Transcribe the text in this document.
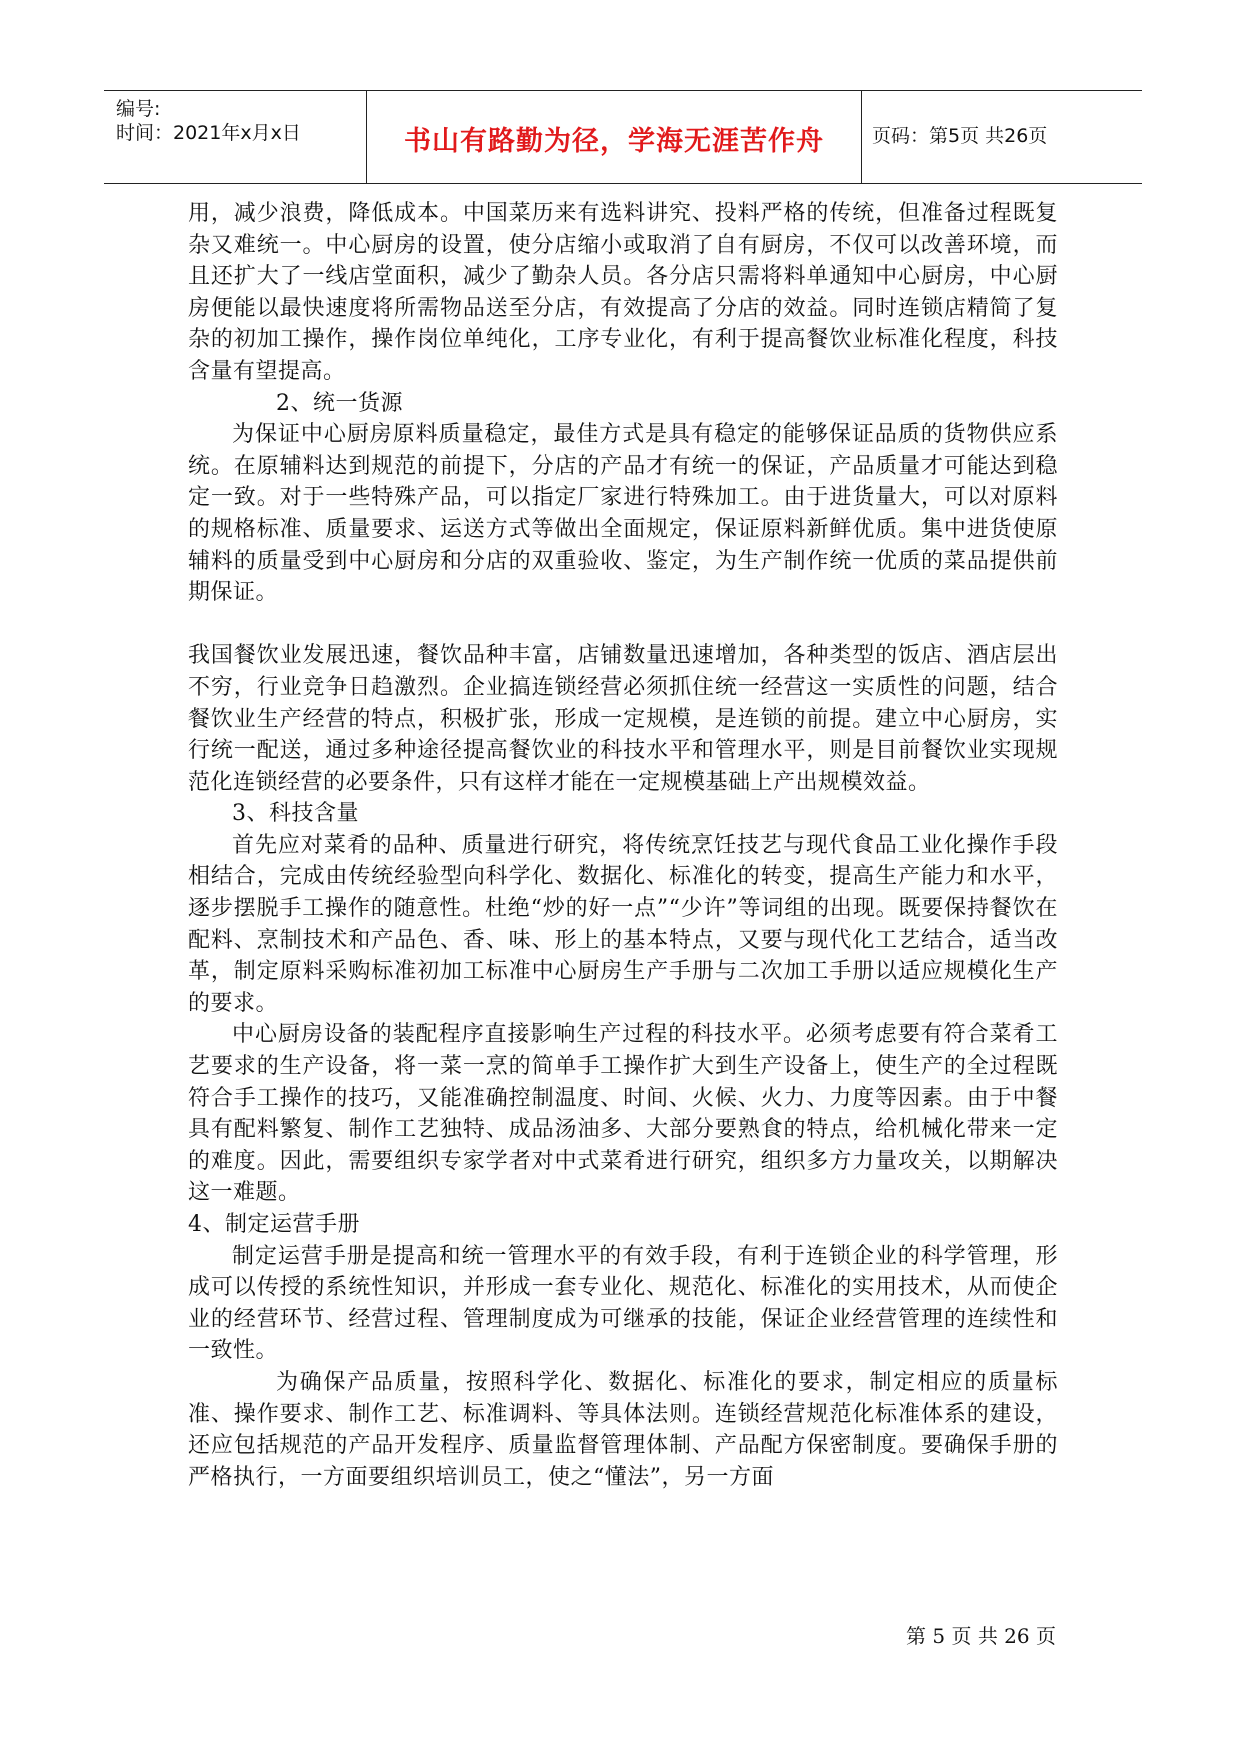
编号:
时间：2021年x月x日	书山有路勤为径，学海无涯苦作舟	页码：第5页 共26页

用，减少浪费，降低成本。中国菜历来有选料讲究、投料严格的传统，但准备过程既复杂又难统一。中心厨房的设置，使分店缩小或取消了自有厨房，不仅可以改善环境，而且还扩大了一线店堂面积，减少了勤杂人员。各分店只需将料单通知中心厨房，中心厨房便能以最快速度将所需物品送至分店，有效提高了分店的效益。同时连锁店精简了复杂的初加工操作，操作岗位单纯化，工序专业化，有利于提高餐饮业标准化程度，科技含量有望提高。

2、统一货源

为保证中心厨房原料质量稳定，最佳方式是具有稳定的能够保证品质的货物供应系统。在原辅料达到规范的前提下，分店的产品才有统一的保证，产品质量才可能达到稳定一致。对于一些特殊产品，可以指定厂家进行特殊加工。由于进货量大，可以对原料的规格标准、质量要求、运送方式等做出全面规定，保证原料新鲜优质。集中进货使原辅料的质量受到中心厨房和分店的双重验收、鉴定，为生产制作统一优质的菜品提供前期保证。

我国餐饮业发展迅速，餐饮品种丰富，店铺数量迅速增加，各种类型的饭店、酒店层出不穷，行业竞争日趋激烈。企业搞连锁经营必须抓住统一经营这一实质性的问题，结合餐饮业生产经营的特点，积极扩张，形成一定规模，是连锁的前提。建立中心厨房，实行统一配送，通过多种途径提高餐饮业的科技水平和管理水平，则是目前餐饮业实现规范化连锁经营的必要条件，只有这样才能在一定规模基础上产出规模效益。

3、科技含量

首先应对菜肴的品种、质量进行研究，将传统烹饪技艺与现代食品工业化操作手段相结合，完成由传统经验型向科学化、数据化、标准化的转变，提高生产能力和水平，逐步摆脱手工操作的随意性。杜绝“炒的好一点”“少许”等词组的出现。既要保持餐饮在配料、烹制技术和产品色、香、味、形上的基本特点，又要与现代化工艺结合，适当改革，制定原料采购标准初加工标准中心厨房生产手册与二次加工手册以适应规模化生产的要求。

中心厨房设备的装配程序直接影响生产过程的科技水平。必须考虑要有符合菜肴工艺要求的生产设备，将一菜一烹的简单手工操作扩大到生产设备上，使生产的全过程既符合手工操作的技巧，又能准确控制温度、时间、火候、火力、力度等因素。由于中餐具有配料繁复、制作工艺独特、成品汤油多、大部分要熟食的特点，给机械化带来一定的难度。因此，需要组织专家学者对中式菜肴进行研究，组织多方力量攻关，以期解决这一难题。

4、制定运营手册

制定运营手册是提高和统一管理水平的有效手段，有利于连锁企业的科学管理，形成可以传授的系统性知识，并形成一套专业化、规范化、标准化的实用技术，从而使企业的经营环节、经营过程、管理制度成为可继承的技能，保证企业经营管理的连续性和一致性。

为确保产品质量，按照科学化、数据化、标准化的要求，制定相应的质量标准、操作要求、制作工艺、标准调料、等具体法则。连锁经营规范化标准体系的建设，还应包括规范的产品开发程序、质量监督管理体制、产品配方保密制度。要确保手册的严格执行，一方面要组织培训员工，使之“懂法”，另一方面

第 5 页 共 26 页
